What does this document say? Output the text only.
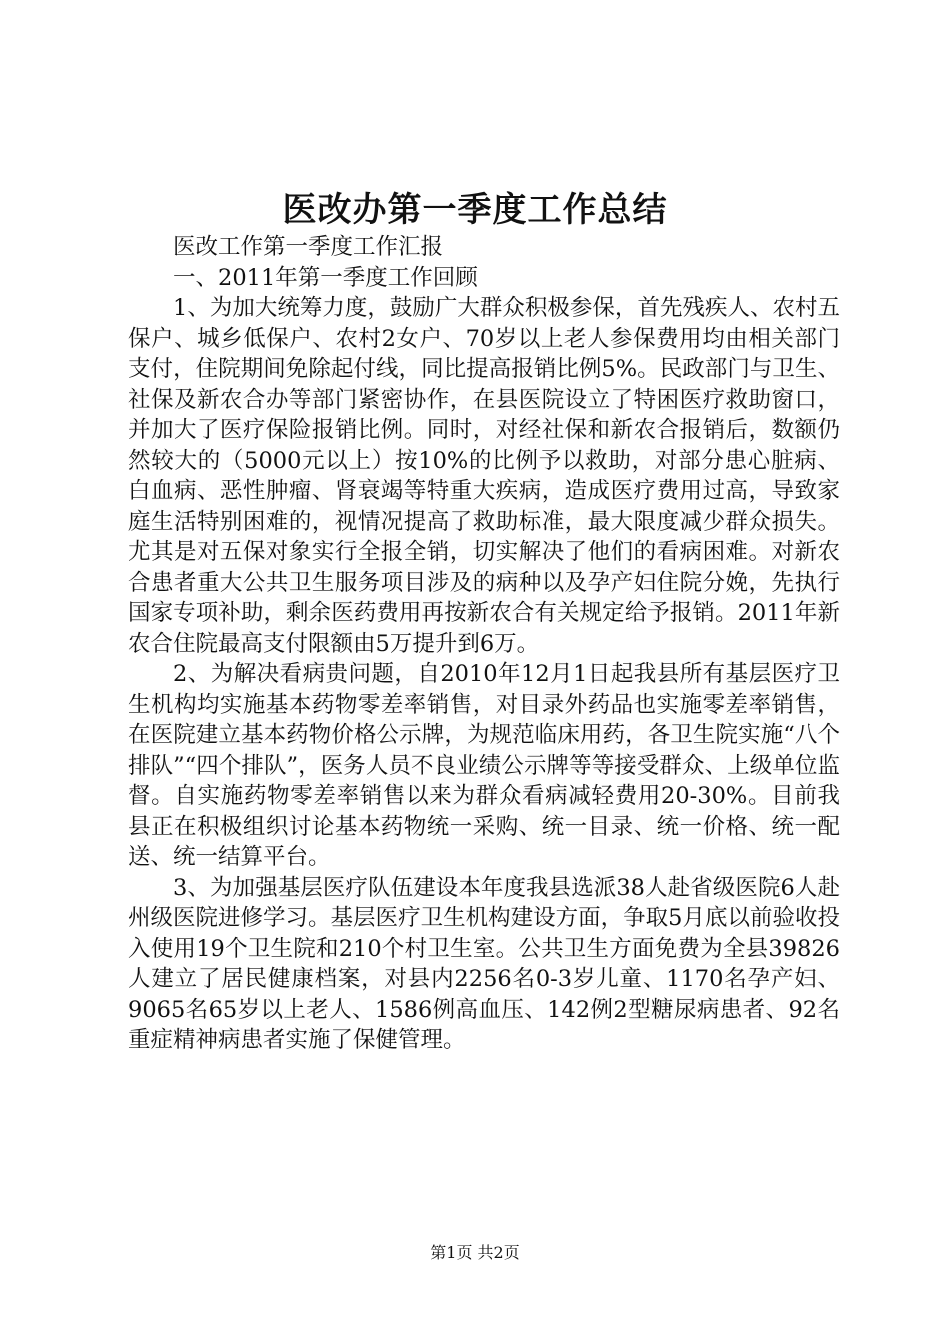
医改办第一季度工作总结

医改工作第一季度工作汇报

一、2011年第一季度工作回顾

1、为加大统筹力度，鼓励广大群众积极参保，首先残疾人、农村五保户、城乡低保户、农村2女户、70岁以上老人参保费用均由相关部门支付，住院期间免除起付线，同比提高报销比例5%。民政部门与卫生、社保及新农合办等部门紧密协作，在县医院设立了特困医疗救助窗口，并加大了医疗保险报销比例。同时，对经社保和新农合报销后，数额仍然较大的（5000元以上）按10%的比例予以救助，对部分患心脏病、白血病、恶性肿瘤、肾衰竭等特重大疾病，造成医疗费用过高，导致家庭生活特别困难的，视情况提高了救助标准，最大限度减少群众损失。尤其是对五保对象实行全报全销，切实解决了他们的看病困难。对新农合患者重大公共卫生服务项目涉及的病种以及孕产妇住院分娩，先执行国家专项补助，剩余医药费用再按新农合有关规定给予报销。2011年新农合住院最高支付限额由5万提升到6万。

2、为解决看病贵问题，自2010年12月1日起我县所有基层医疗卫生机构均实施基本药物零差率销售，对目录外药品也实施零差率销售，在医院建立基本药物价格公示牌，为规范临床用药，各卫生院实施“八个排队”“四个排队”，医务人员不良业绩公示牌等等接受群众、上级单位监督。自实施药物零差率销售以来为群众看病减轻费用20-30%。目前我县正在积极组织讨论基本药物统一采购、统一目录、统一价格、统一配送、统一结算平台。

3、为加强基层医疗队伍建设本年度我县选派38人赴省级医院6人赴州级医院进修学习。基层医疗卫生机构建设方面，争取5月底以前验收投入使用19个卫生院和210个村卫生室。公共卫生方面免费为全县39826人建立了居民健康档案，对县内2256名0-3岁儿童、1170名孕产妇、9065名65岁以上老人、1586例高血压、142例2型糖尿病患者、92名重症精神病患者实施了保健管理。

第1页 共2页
